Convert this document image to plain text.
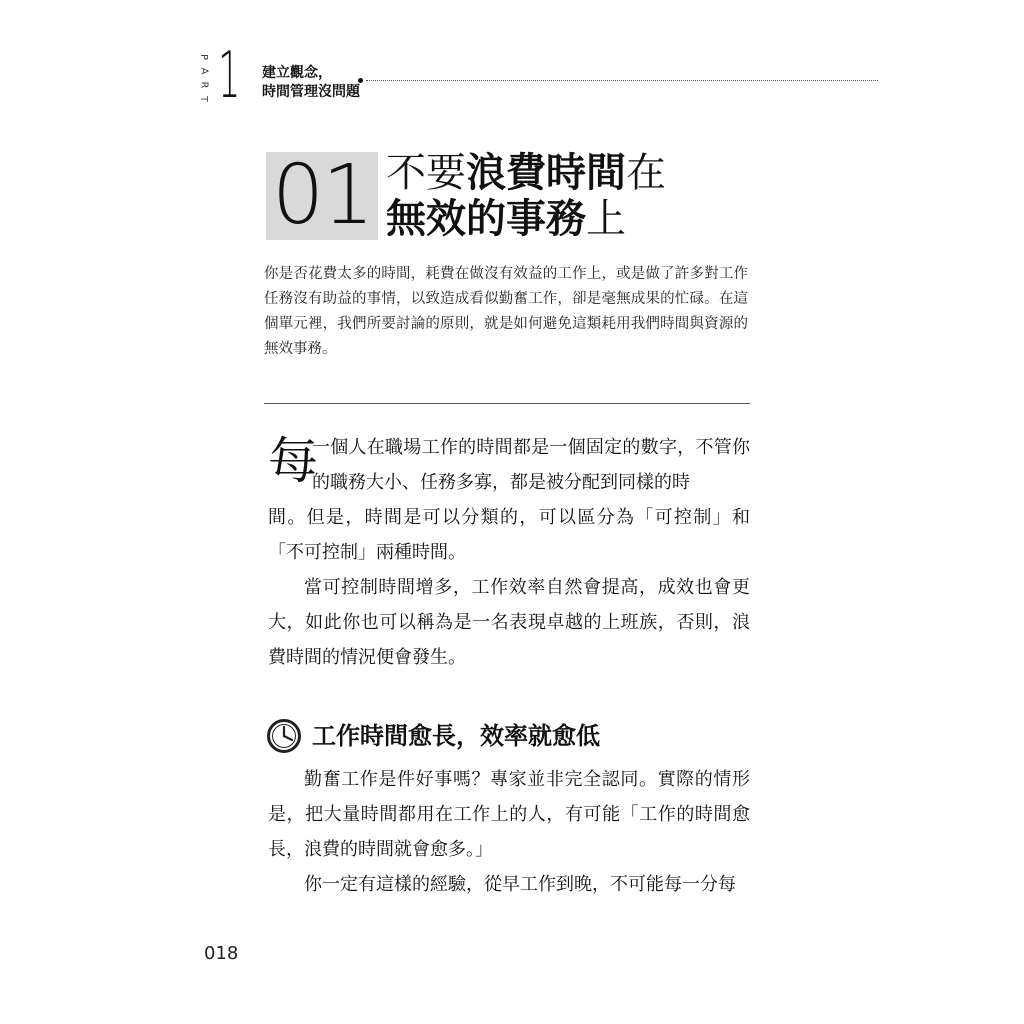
P
A
R
T 1 建立觀念，
時間管理沒問題
01 不要浪費時間在
無效的事務上
你是否花費太多的時間，耗費在做沒有效益的工作上，或是做了許多對工作任務沒有助益的事情，以致造成看似勤奮工作，卻是毫無成果的忙碌。在這個單元裡，我們所要討論的原則，就是如何避免這類耗用我們時間與資源的無效事務。
每

一個人在職場工作的時間都是一個固定的數字，不管你的職務大小、任務多寡，都是被分配到同樣的時

間。但是，時間是可以分類的，可以區分為「可控制」和「不可控制」兩種時間。

當可控制時間增多，工作效率自然會提高，成效也會更大，如此你也可以稱為是一名表現卓越的上班族，否則，浪費時間的情況便會發生。

工作時間愈長，效率就愈低

勤奮工作是件好事嗎？專家並非完全認同。實際的情形是，把大量時間都用在工作上的人，有可能「工作的時間愈長，浪費的時間就會愈多。」

你一定有這樣的經驗，從早工作到晚，不可能每一分每

018
